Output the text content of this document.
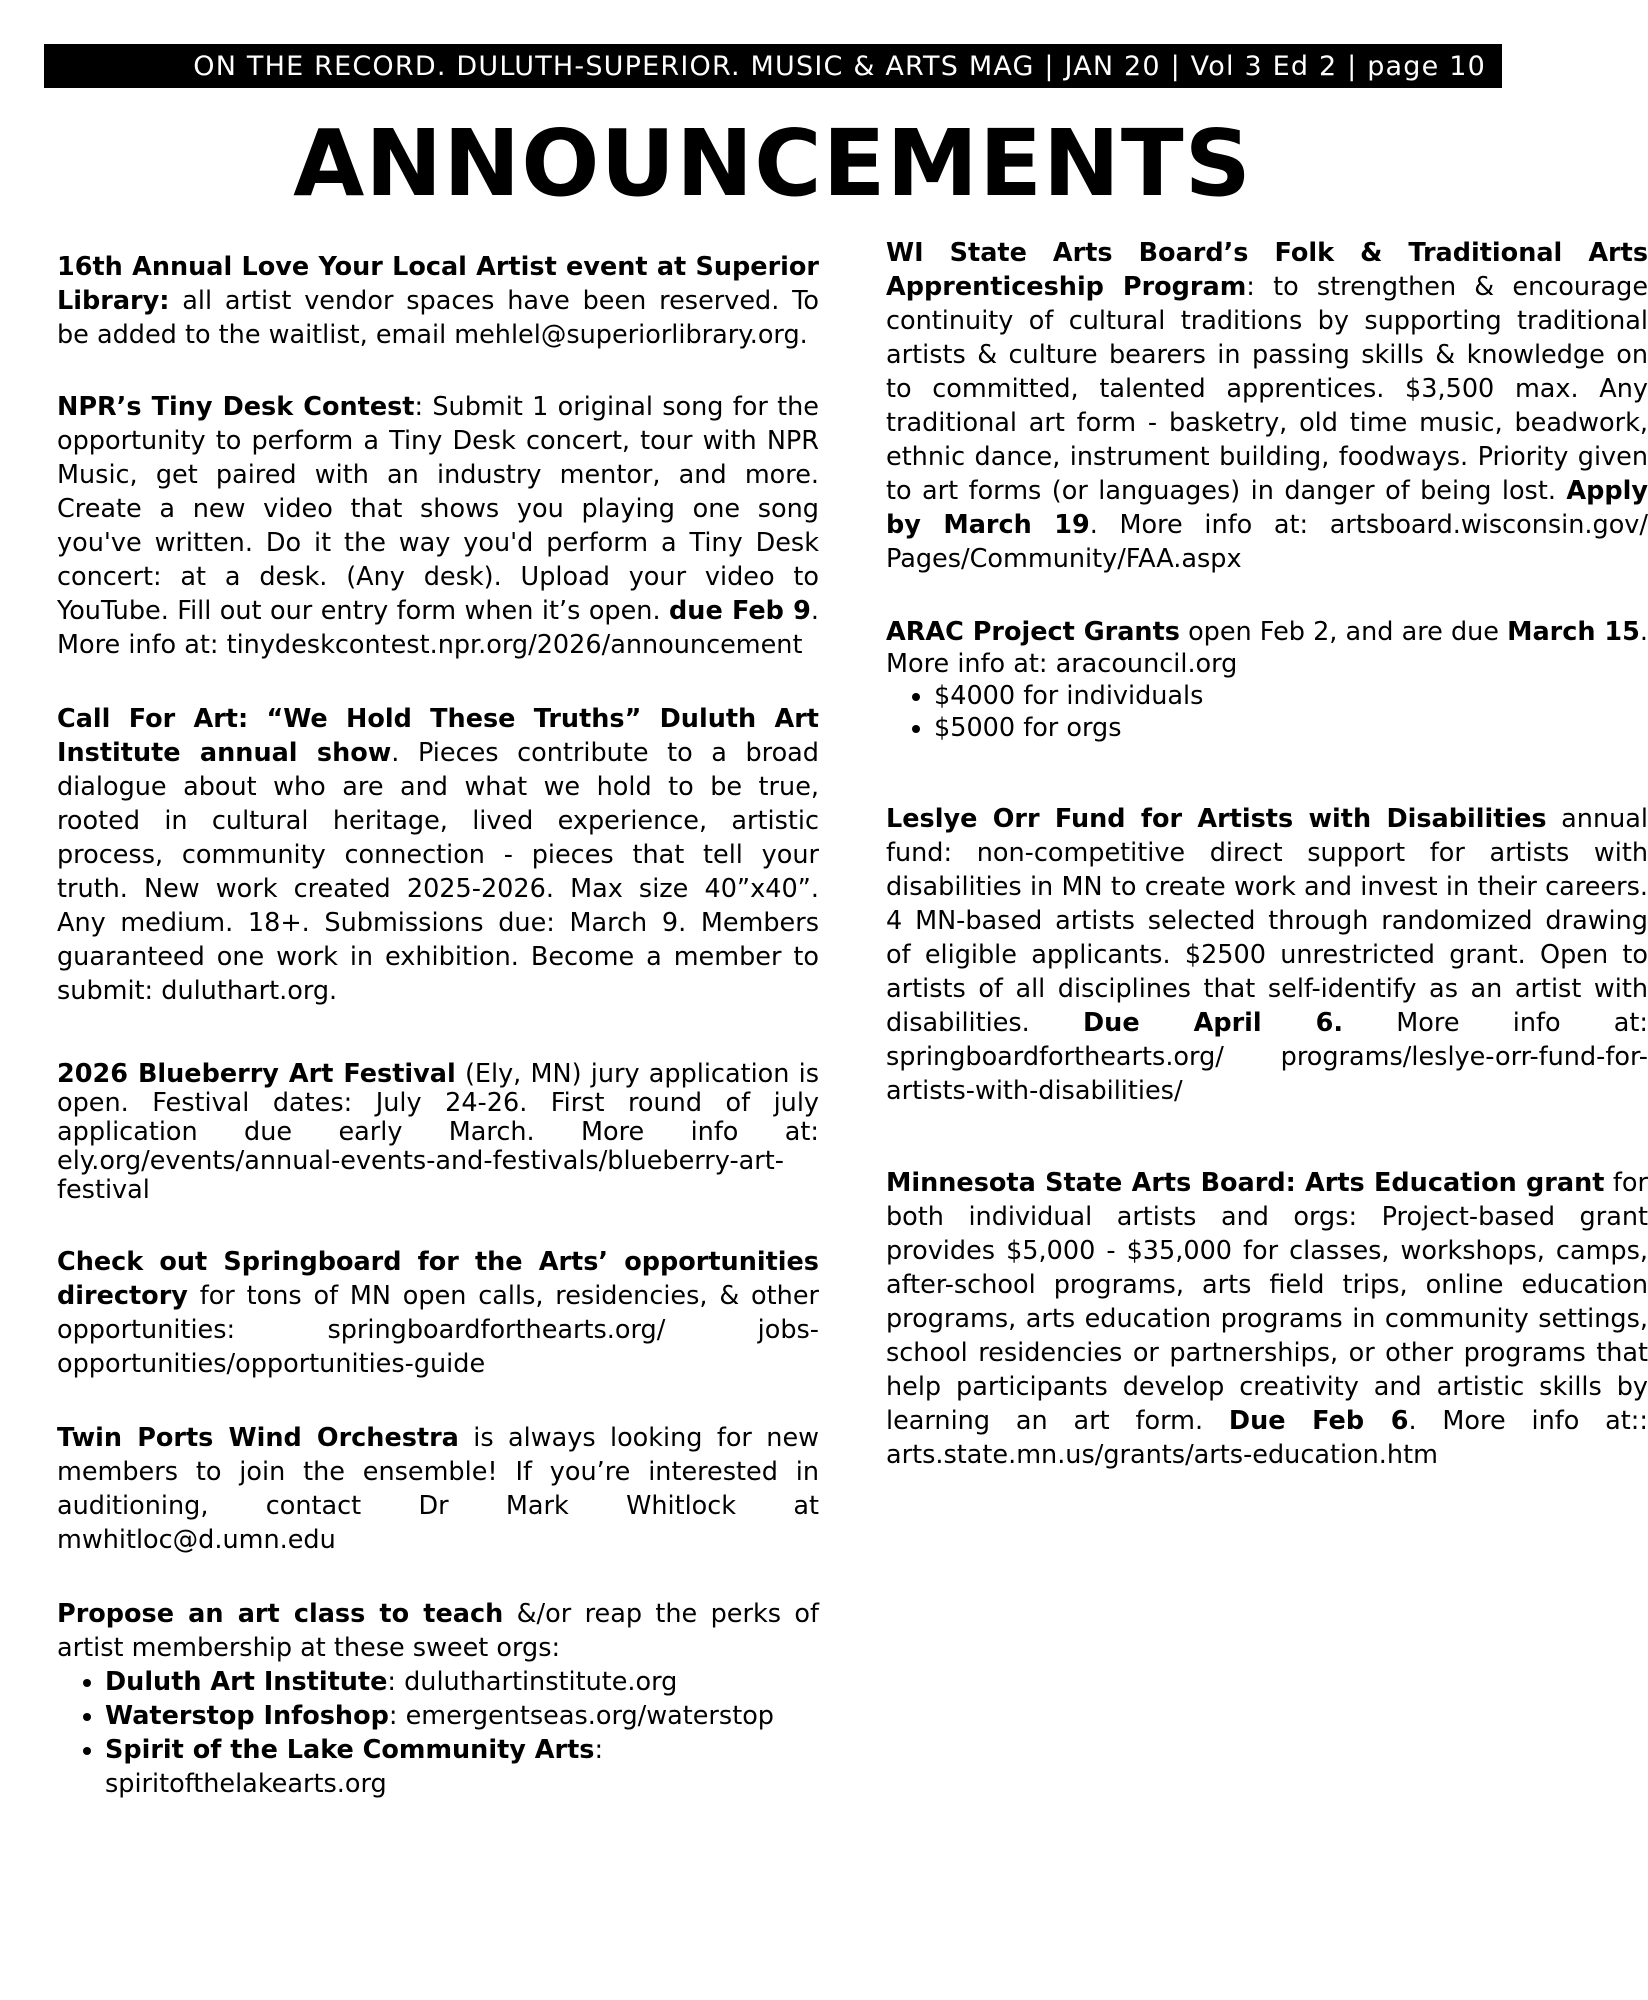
ON THE RECORD. DULUTH-SUPERIOR. MUSIC & ARTS MAG | JAN 20 | Vol 3 Ed 2 | page 10
ANNOUNCEMENTS

16th Annual Love Your Local Artist event at Superior Library: all artist vendor spaces have been reserved. To be added to the waitlist, email mehlel@superiorlibrary.org.

NPR’s Tiny Desk Contest: Submit 1 original song for the opportunity to perform a Tiny Desk concert, tour with NPR Music, get paired with an industry mentor, and more. Create a new video that shows you playing one song you've written. Do it the way you'd perform a Tiny Desk concert: at a desk. (Any desk). Upload your video to YouTube. Fill out our entry form when it’s open. due Feb 9. More info at: tinydeskcontest.npr.org/2026/announcement

Call For Art: “We Hold These Truths” Duluth Art Institute annual show. Pieces contribute to a broad dialogue about who are and what we hold to be true, rooted in cultural heritage, lived experience, artistic process, community connection - pieces that tell your truth. New work created 2025-2026. Max size 40”x40”. Any medium. 18+. Submissions due: March 9. Members guaranteed one work in exhibition. Become a member to submit: duluthart.org.

2026 Blueberry Art Festival (Ely, MN) jury application is open. Festival dates: July 24-26. First round of july application due early March. More info at: ely.org/events/annual-events-and-festivals/blueberry-art-festival

Check out Springboard for the Arts’ opportunities directory for tons of MN open calls, residencies, & other opportunities: springboardforthearts.org/ jobs-opportunities/opportunities-guide

Twin Ports Wind Orchestra is always looking for new members to join the ensemble! If you’re interested in auditioning, contact Dr Mark Whitlock at mwhitloc@d.umn.edu

Propose an art class to teach &/or reap the perks of artist membership at these sweet orgs:

• Duluth Art Institute: duluthartinstitute.org
• Waterstop Infoshop: emergentseas.org/waterstop
• Spirit of the Lake Community Arts: spiritofthelakearts.org

WI State Arts Board’s Folk & Traditional Arts Apprenticeship Program: to strengthen & encourage continuity of cultural traditions by supporting traditional artists & culture bearers in passing skills & knowledge on to committed, talented apprentices. $3,500 max. Any traditional art form - basketry, old time music, beadwork, ethnic dance, instrument building, foodways. Priority given to art forms (or languages) in danger of being lost. Apply by March 19. More info at: artsboard.wisconsin.gov/ Pages/Community/FAA.aspx

ARAC Project Grants open Feb 2, and are due March 15. More info at: aracouncil.org

• $4000 for individuals
• $5000 for orgs

Leslye Orr Fund for Artists with Disabilities annual fund: non-competitive direct support for artists with disabilities in MN to create work and invest in their careers. 4 MN-based artists selected through randomized drawing of eligible applicants. $2500 unrestricted grant. Open to artists of all disciplines that self-identify as an artist with disabilities. Due April 6. More info at: springboardforthearts.org/ programs/leslye-orr-fund-for-artists-with-disabilities/

Minnesota State Arts Board: Arts Education grant for both individual artists and orgs: Project-based grant provides $5,000 - $35,000 for classes, workshops, camps, after-school programs, arts field trips, online education programs, arts education programs in community settings, school residencies or partnerships, or other programs that help participants develop creativity and artistic skills by learning an art form. Due Feb 6. More info at:: arts.state.mn.us/grants/arts-education.htm
